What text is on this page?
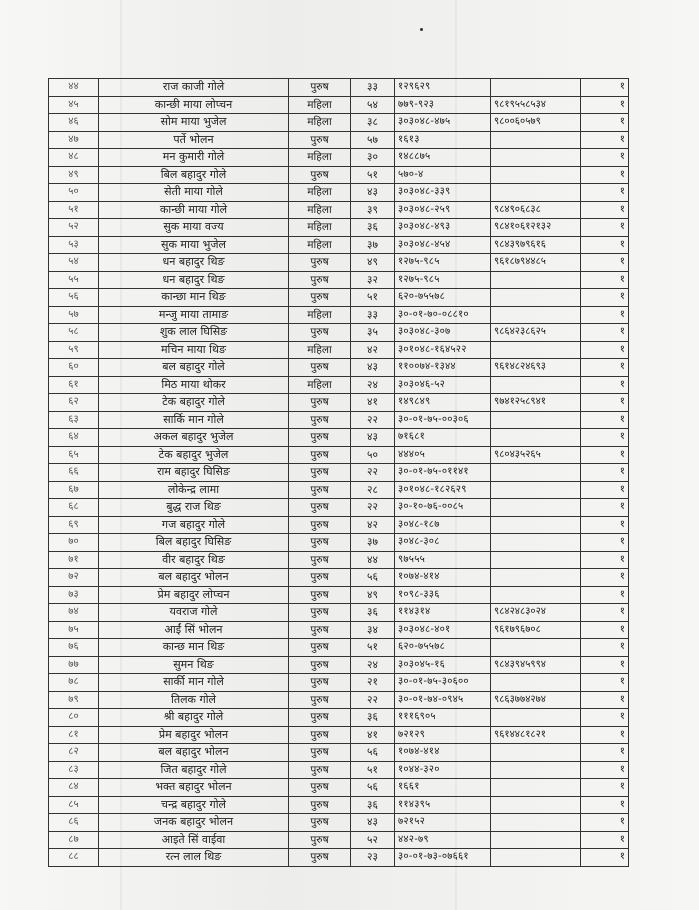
४४	राज काजी गोले	पुरुष	३३	१२९६२९		१
४५	कान्छी माया लोप्चन	महिला	५४	७७९-९२३	९८१९५५८५३४	१
४६	सोम माया भुजेल	महिला	३८	३०३०४८-४७५	९८००६०५७९	१
४७	पर्ते भोलन	पुरुष	५७	१६१३		१
४८	मन कुमारी गोले	महिला	३०	१४८८७५		१
४९	बिल बहादुर गोले	पुरुष	५१	५७०-४		१
५०	सेती माया गोले	महिला	४३	३०३०४८-३३९		१
५१	कान्छी माया गोले	महिला	३९	३०३०४८-२५९	९८४९०६८३८	१
५२	सुक माया वज्य	महिला	३६	३०३०४८-४९३	९८४१०६१२१३२	१
५३	सुक माया भुजेल	महिला	३७	३०३०४८-४५४	९८४३९७९६१६	१
५४	धन बहादुर थिङ	पुरुष	४९	१२७५-९८५	९६१८७९४४८५	१
५५	धन बहादुर थिङ	पुरुष	३२	१२७५-९८५		१
५६	कान्छा मान थिङ	पुरुष	५१	६२०-७५५७८		१
५७	मन्जु माया तामाङ	महिला	३३	३०-०१-७०-०८८१०		१
५८	शुक लाल घिसिङ	पुरुष	३५	३०३०४८-३०७	९८६४२३८६२५	१
५९	मचिन माया थिङ	महिला	४२	३०१०४८-१६४५२२		१
६०	बल बहादुर गोले	पुरुष	४३	११००७४-१३४४	९६१४८२४६९३	१
६१	मिठ माया थोकर	महिला	२४	३०३०४६-५२		१
६२	टेक बहादुर गोले	पुरुष	४१	१४९८४९	९७४१२५८९४१	१
६३	सार्कि मान गोले	पुरुष	२२	३०-०१-७५-००३०६		१
६४	अकल बहादुर भुजेल	पुरुष	४३	७१६८१		१
६५	टेक बहादुर भुजेल	पुरुष	५०	४४४०५	९८०४३५२६५	१
६६	राम बहादुर घिसिङ	पुरुष	२२	३०-०१-७५-०११४१		१
६७	लोकेन्द्र लामा	पुरुष	२८	३०१०४८-१८२६२९		१
६८	बुद्ध राज थिङ	पुरुष	२२	३०-१०-७६-००८५		१
६९	गज बहादुर गोले	पुरुष	४२	३०४८-१८७		१
७०	बिल बहादुर घिसिङ	पुरुष	३७	३०४८-३०८		१
७१	वीर बहादुर थिङ	पुरुष	४४	९७५५५		१
७२	बल बहादुर भोलन	पुरुष	५६	१०७४-४१४		१
७३	प्रेम बहादुर लोप्चन	पुरुष	४९	१०९८-३३६		१
७४	यवराज गोले	पुरुष	३६	११४३१४	९८४२४८३०२४	१
७५	आईं सिं भोलन	पुरुष	३४	३०३०४८-४०१	९६१७९६७०८	१
७६	कान्छ मान थिङ	पुरुष	५१	६२०-७५५७८		१
७७	सुमन थिङ	पुरुष	२४	३०३०४५-१६	९८४३९४५९९४	१
७८	सार्की मान गोले	पुरुष	२१	३०-०१-७५-३०६००		१
७९	तिलक गोले	पुरुष	२२	३०-०१-७४-०९४५	९८६३७७४२७४	१
८०	श्री बहादुर गोले	पुरुष	३६	१११६९०५		१
८१	प्रेम बहादुर भोलन	पुरुष	४१	७२१२९	९६१४४८१८२१	१
८२	बल बहादुर भोलन	पुरुष	५६	१०७४-४१४		१
८३	जित बहादुर गोले	पुरुष	५१	१०४४-३२०		१
८४	भक्त बहादुर भोलन	पुरुष	५६	१६६१		१
८५	चन्द्र बहादुर गोले	पुरुष	३६	११४३९५		१
८६	जनक बहादुर भोलन	पुरुष	४३	७२१५२		१
८७	आइते सिं वाईवा	पुरुष	५२	४४२-७९		१
८८	रत्न लाल थिङ	पुरुष	२३	३०-०१-७३-०७६६१		१
